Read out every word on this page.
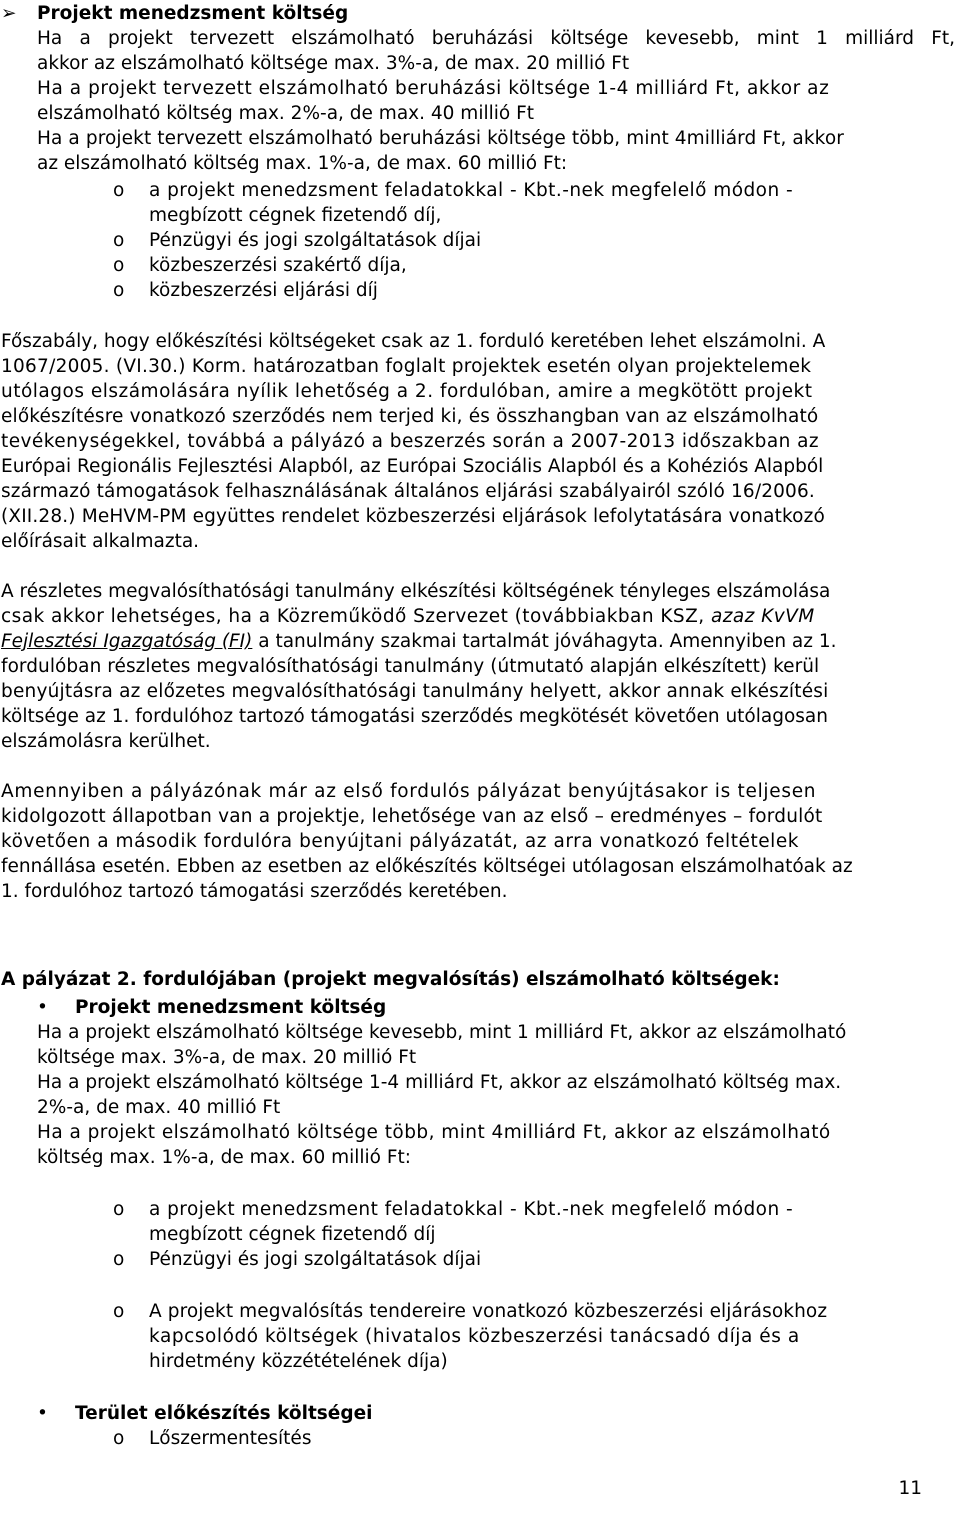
➢ Projekt menedzsment költség
Ha a projekt tervezett elszámolható beruházási költsége kevesebb, mint 1 milliárd Ft,
akkor az elszámolható költsége max. 3%-a, de max. 20 millió Ft
Ha a projekt tervezett elszámolható beruházási költsége 1-4 milliárd Ft, akkor az
elszámolható költség max. 2%-a, de max. 40 millió Ft
Ha a projekt tervezett elszámolható beruházási költsége több, mint 4milliárd Ft, akkor
az elszámolható költség max. 1%-a, de max. 60 millió Ft:
o a projekt menedzsment feladatokkal - Kbt.-nek megfelelő módon -
megbízott cégnek fizetendő díj,
o Pénzügyi és jogi szolgáltatások díjai
o közbeszerzési szakértő díja,
o közbeszerzési eljárási díj
Főszabály, hogy előkészítési költségeket csak az 1. forduló keretében lehet elszámolni. A
1067/2005. (VI.30.) Korm. határozatban foglalt projektek esetén olyan projektelemek
utólagos elszámolására nyílik lehetőség a 2. fordulóban, amire a megkötött projekt
előkészítésre vonatkozó szerződés nem terjed ki, és összhangban van az elszámolható
tevékenységekkel, továbbá a pályázó a beszerzés során a 2007-2013 időszakban az
Európai Regionális Fejlesztési Alapból, az Európai Szociális Alapból és a Kohéziós Alapból
származó támogatások felhasználásának általános eljárási szabályairól szóló 16/2006.
(XII.28.) MeHVM-PM együttes rendelet közbeszerzési eljárások lefolytatására vonatkozó
előírásait alkalmazta.
A részletes megvalósíthatósági tanulmány elkészítési költségének tényleges elszámolása
csak akkor lehetséges, ha a Közreműködő Szervezet (továbbiakban KSZ, azaz KvVM
Fejlesztési Igazgatóság (FI) a tanulmány szakmai tartalmát jóváhagyta. Amennyiben az 1.
fordulóban részletes megvalósíthatósági tanulmány (útmutató alapján elkészített) kerül
benyújtásra az előzetes megvalósíthatósági tanulmány helyett, akkor annak elkészítési
költsége az 1. fordulóhoz tartozó támogatási szerződés megkötését követően utólagosan
elszámolásra kerülhet.
Amennyiben a pályázónak már az első fordulós pályázat benyújtásakor is teljesen
kidolgozott állapotban van a projektje, lehetősége van az első – eredményes – fordulót
követően a második fordulóra benyújtani pályázatát, az arra vonatkozó feltételek
fennállása esetén. Ebben az esetben az előkészítés költségei utólagosan elszámolhatóak az
1. fordulóhoz tartozó támogatási szerződés keretében.
A pályázat 2. fordulójában (projekt megvalósítás) elszámolható költségek:
• Projekt menedzsment költség
Ha a projekt elszámolható költsége kevesebb, mint 1 milliárd Ft, akkor az elszámolható
költsége max. 3%-a, de max. 20 millió Ft
Ha a projekt elszámolható költsége 1-4 milliárd Ft, akkor az elszámolható költség max.
2%-a, de max. 40 millió Ft
Ha a projekt elszámolható költsége több, mint 4milliárd Ft, akkor az elszámolható
költség max. 1%-a, de max. 60 millió Ft:
o a projekt menedzsment feladatokkal - Kbt.-nek megfelelő módon -
megbízott cégnek fizetendő díj
o Pénzügyi és jogi szolgáltatások díjai
o A projekt megvalósítás tendereire vonatkozó közbeszerzési eljárásokhoz
kapcsolódó költségek (hivatalos közbeszerzési tanácsadó díja és a
hirdetmény közzétételének díja)
• Terület előkészítés költségei
o Lőszermentesítés
11
